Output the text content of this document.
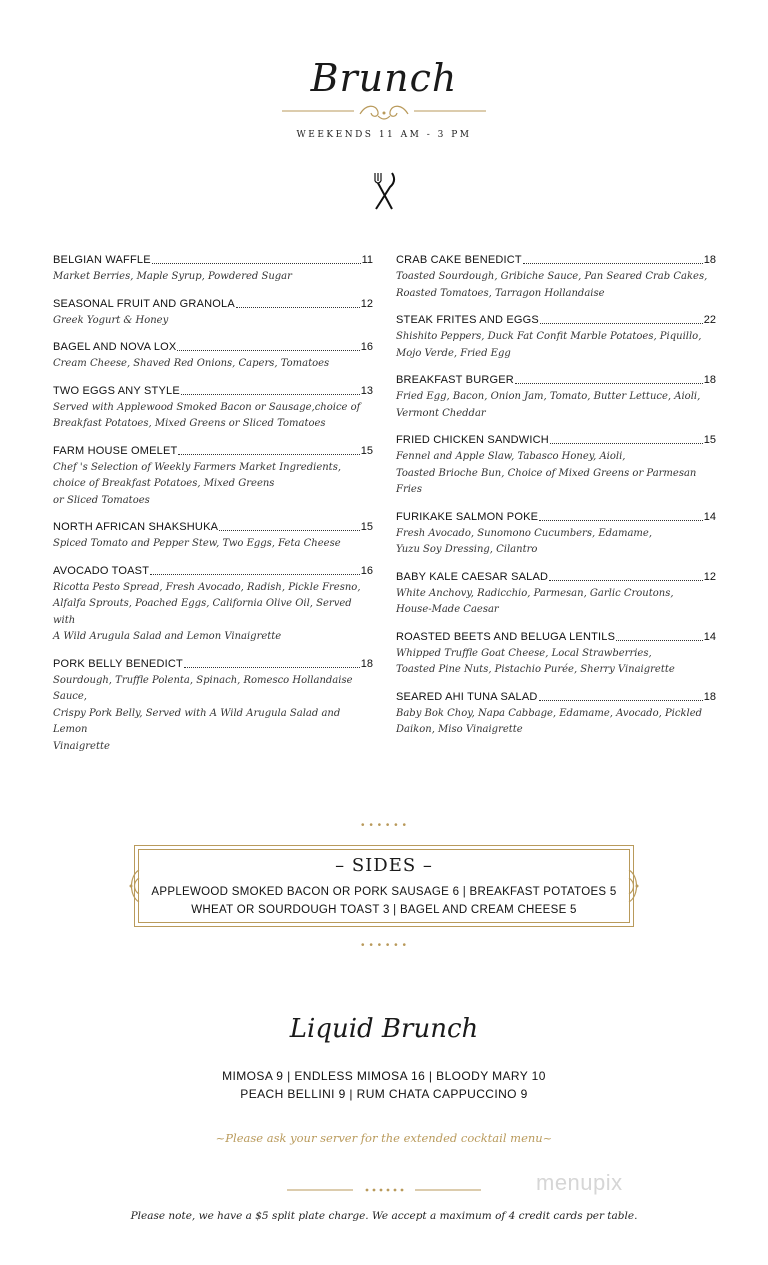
Brunch
WEEKENDS 11 AM - 3 PM
BELGIAN WAFFLE	11
Market Berries, Maple Syrup, Powdered Sugar
SEASONAL FRUIT AND GRANOLA	12
Greek Yogurt & Honey
BAGEL AND NOVA LOX	16
Cream Cheese, Shaved Red Onions, Capers, Tomatoes
TWO EGGS ANY STYLE	13
Served with Applewood Smoked Bacon or Sausage,choice of
Breakfast Potatoes, Mixed Greens or Sliced Tomatoes
FARM HOUSE OMELET	15
Chef 's Selection of Weekly Farmers Market Ingredients,
choice of Breakfast Potatoes, Mixed Greens
or Sliced Tomatoes
NORTH AFRICAN SHAKSHUKA	15
Spiced Tomato and Pepper Stew, Two Eggs, Feta Cheese
AVOCADO TOAST	16
Ricotta Pesto Spread, Fresh Avocado, Radish, Pickle Fresno,
Alfalfa Sprouts, Poached Eggs, California Olive Oil, Served with
A Wild Arugula Salad and Lemon Vinaigrette
PORK BELLY BENEDICT	18
Sourdough, Truffle Polenta, Spinach, Romesco Hollandaise Sauce,
Crispy Pork Belly, Served with A Wild Arugula Salad and Lemon
Vinaigrette
CRAB CAKE BENEDICT	18
Toasted Sourdough, Gribiche Sauce, Pan Seared Crab Cakes,
Roasted Tomatoes, Tarragon Hollandaise
STEAK FRITES AND EGGS	22
Shishito Peppers, Duck Fat Confit Marble Potatoes, Piquillo,
Mojo Verde, Fried Egg
BREAKFAST BURGER	18
Fried Egg, Bacon, Onion Jam, Tomato, Butter Lettuce, Aioli,
Vermont Cheddar
FRIED CHICKEN SANDWICH	15
Fennel and Apple Slaw, Tabasco Honey, Aioli,
Toasted Brioche Bun, Choice of Mixed Greens or Parmesan Fries
FURIKAKE SALMON POKE	14
Fresh Avocado, Sunomono Cucumbers, Edamame,
Yuzu Soy Dressing, Cilantro
BABY KALE CAESAR SALAD	12
White Anchovy, Radicchio, Parmesan, Garlic Croutons,
House-Made Caesar
ROASTED BEETS AND BELUGA LENTILS	14
Whipped Truffle Goat Cheese, Local Strawberries,
Toasted Pine Nuts, Pistachio Purée, Sherry Vinaigrette
SEARED AHI TUNA SALAD	18
Baby Bok Choy, Napa Cabbage, Edamame, Avocado, Pickled
Daikon, Miso Vinaigrette
• • • • • •
– SIDES –
APPLEWOOD SMOKED BACON OR PORK SAUSAGE 6 | BREAKFAST POTATOES 5
WHEAT OR SOURDOUGH TOAST 3 | BAGEL AND CREAM CHEESE 5
• • • • • •
Liquid Brunch
MIMOSA 9 | ENDLESS MIMOSA 16 | BLOODY MARY 10
PEACH BELLINI 9 | RUM CHATA CAPPUCCINO 9
~Please ask your server for the extended cocktail menu~
menupix
Please note, we have a $5 split plate charge. We accept a maximum of 4 credit cards per table.
